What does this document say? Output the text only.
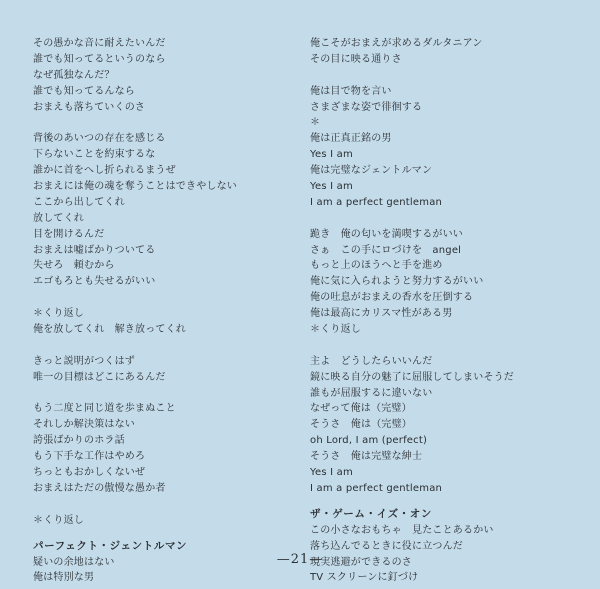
その愚かな音に耐えたいんだ
誰でも知ってるというのなら
なぜ孤独なんだ？
誰でも知ってるんなら
おまえも落ちていくのさ
背後のあいつの存在を感じる
下らないことを約束するな
誰かに首をへし折られるまうぜ
おまえには俺の魂を奪うことはできやしない
ここから出してくれ
放してくれ
目を開けるんだ
おまえは嘘ばかりついてる
失せろ　頼むから
エゴもろとも失せるがいい
＊くり返し
俺を放してくれ　解き放ってくれ
きっと説明がつくはず
唯一の目標はどこにあるんだ
もう二度と同じ道を歩まぬこと
それしか解決策はない
誇張ばかりのホラ話
もう下手な工作はやめろ
ちっともおかしくないぜ
おまえはただの傲慢な愚か者
＊くり返し
パーフェクト・ジェントルマン
疑いの余地はない
俺は特別な男
俺こそがおまえが求めるダルタニアン
その目に映る通りさ
俺は目で物を言い
さまざまな姿で徘徊する
＊
俺は正真正銘の男
Yes I am
俺は完璧なジェントルマン
Yes I am
I am a perfect gentleman
跪き　俺の匂いを満喫するがいい
さぁ　この手にロづけを　angel
もっと上のほうへと手を進め
俺に気に入られようと努力するがいい
俺の吐息がおまえの香水を圧倒する
俺は最高にカリスマ性がある男
＊くり返し
主よ　どうしたらいいんだ
鏡に映る自分の魅了に屈服してしまいそうだ
誰もが屈服するに違いない
なぜって俺は（完璧）
そうさ　俺は（完璧）
oh Lord, I am (perfect)
そうさ　俺は完璧な紳士
Yes I am
I am a perfect gentleman
ザ・ゲーム・イズ・オン
この小さなおもちゃ　見たことあるかい
落ち込んでるときに役に立つんだ
現実逃避ができるのさ
TV スクリーンに釘づけ
—21—
